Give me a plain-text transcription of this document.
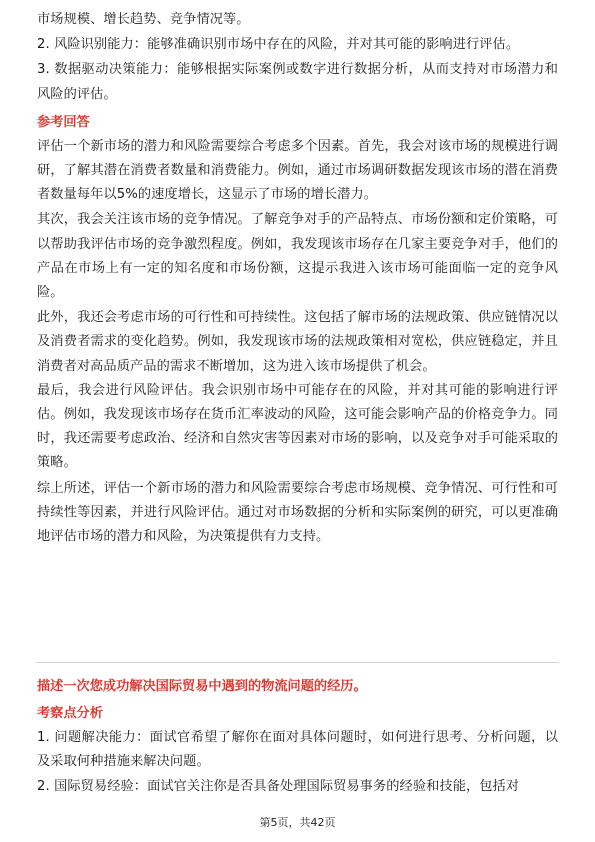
市场规模、增长趋势、竞争情况等。

2. 风险识别能力：能够准确识别市场中存在的风险，并对其可能的影响进行评估。

3. 数据驱动决策能力：能够根据实际案例或数字进行数据分析，从而支持对市场潜力和风险的评估。

参考回答

评估一个新市场的潜力和风险需要综合考虑多个因素。首先，我会对该市场的规模进行调研，了解其潜在消费者数量和消费能力。例如，通过市场调研数据发现该市场的潜在消费者数量每年以5%的速度增长，这显示了市场的增长潜力。

其次，我会关注该市场的竞争情况。了解竞争对手的产品特点、市场份额和定价策略，可以帮助我评估市场的竞争激烈程度。例如，我发现该市场存在几家主要竞争对手，他们的产品在市场上有一定的知名度和市场份额，这提示我进入该市场可能面临一定的竞争风险。

此外，我还会考虑市场的可行性和可持续性。这包括了解市场的法规政策、供应链情况以及消费者需求的变化趋势。例如，我发现该市场的法规政策相对宽松，供应链稳定，并且消费者对高品质产品的需求不断增加，这为进入该市场提供了机会。

最后，我会进行风险评估。我会识别市场中可能存在的风险，并对其可能的影响进行评估。例如，我发现该市场存在货币汇率波动的风险，这可能会影响产品的价格竞争力。同时，我还需要考虑政治、经济和自然灾害等因素对市场的影响，以及竞争对手可能采取的策略。

综上所述，评估一个新市场的潜力和风险需要综合考虑市场规模、竞争情况、可行性和可持续性等因素，并进行风险评估。通过对市场数据的分析和实际案例的研究，可以更准确地评估市场的潜力和风险，为决策提供有力支持。

描述一次您成功解决国际贸易中遇到的物流问题的经历。

考察点分析

1. 问题解决能力：面试官希望了解你在面对具体问题时，如何进行思考、分析问题，以及采取何种措施来解决问题。

2. 国际贸易经验：面试官关注你是否具备处理国际贸易事务的经验和技能，包括对

第5页，共42页
